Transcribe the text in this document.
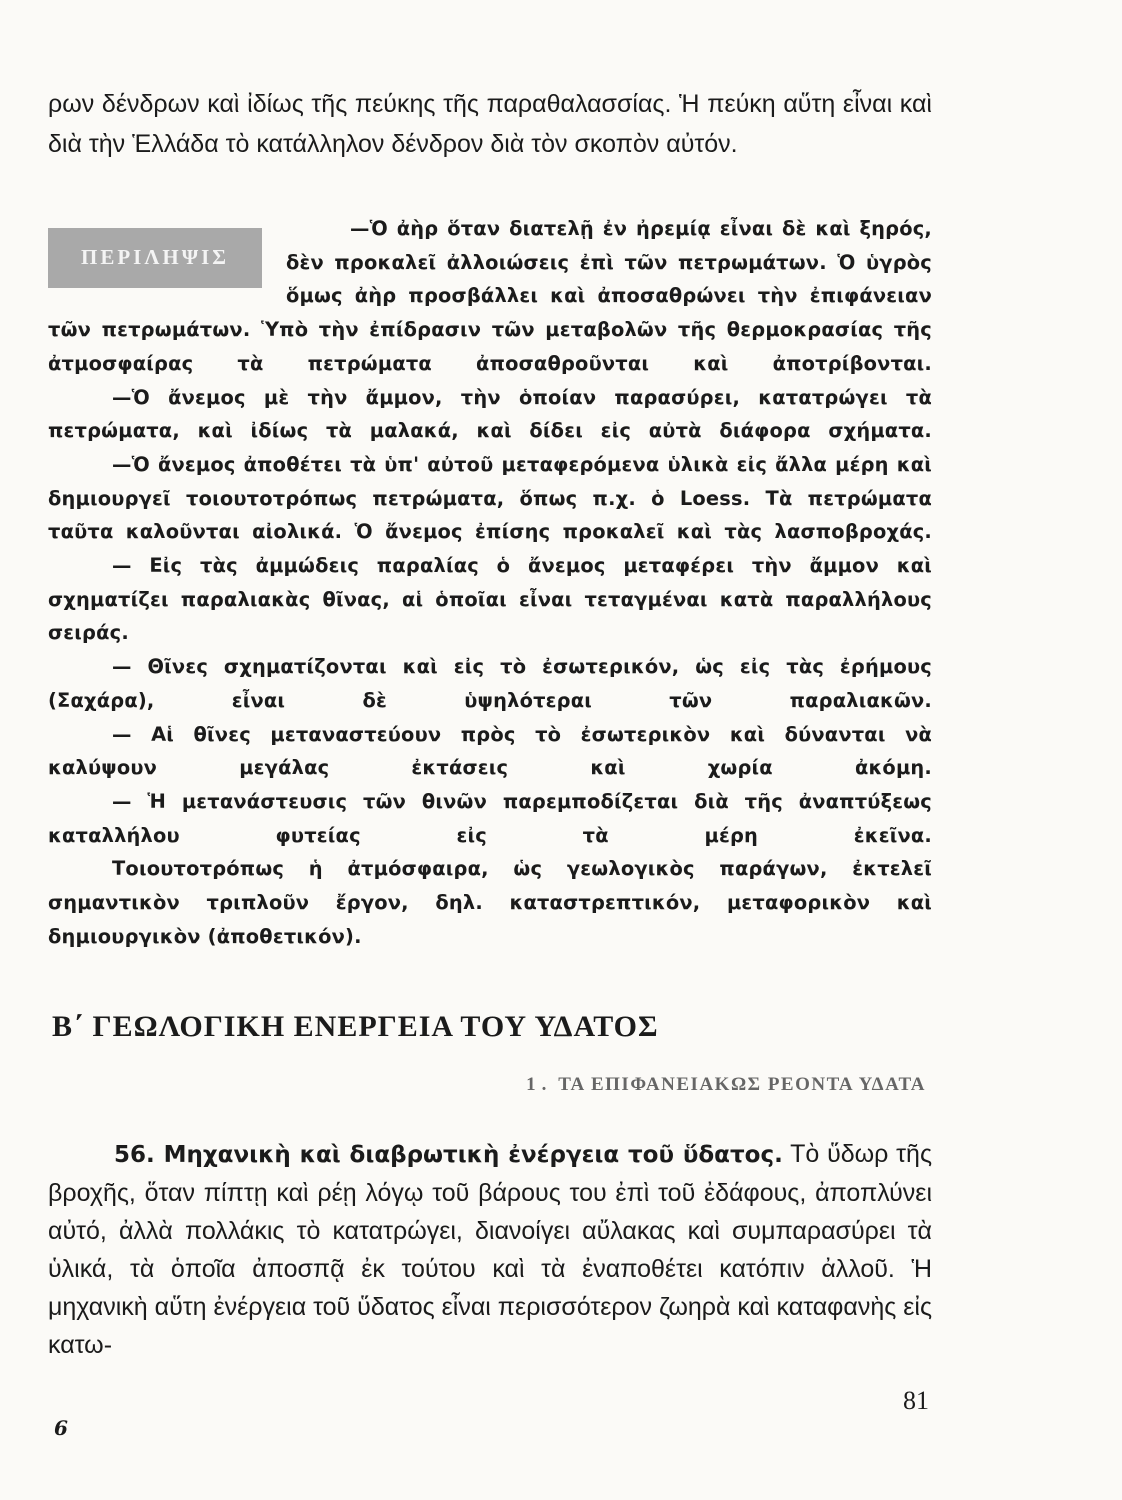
ρων δένδρων καὶ ἰδίως τῆς πεύκης τῆς παραθαλασσίας. Ἡ πεύκη αὕτη εἶναι καὶ διὰ τὴν Ἑλλάδα τὸ κατάλληλον δένδρον διὰ τὸν σκοπὸν αὐτόν.

ΠΕΡΙΛΗΨΙΣ

—Ὁ ἀὴρ ὅταν διατελῇ ἐν ἠρεμίᾳ εἶναι δὲ καὶ ξηρός, δὲν προκαλεῖ ἀλλοιώσεις ἐπὶ τῶν πετρωμάτων. Ὁ ὑγρὸς ὅμως ἀὴρ προσβάλλει καὶ ἀποσαθρώνει τὴν ἐπιφάνειαν τῶν πετρωμάτων. Ὑπὸ τὴν ἐπίδρασιν τῶν μεταβολῶν τῆς θερμοκρασίας τῆς ἀτμοσφαίρας τὰ πετρώματα ἀποσαθροῦνται καὶ ἀποτρίβονται.

—Ὁ ἄνεμος μὲ τὴν ἄμμον, τὴν ὁποίαν παρασύρει, κατατρώγει τὰ πετρώματα, καὶ ἰδίως τὰ μαλακά, καὶ δίδει εἰς αὐτὰ διάφορα σχήματα.

—Ὁ ἄνεμος ἀποθέτει τὰ ὑπ' αὐτοῦ μεταφερόμενα ὑλικὰ εἰς ἄλλα μέρη καὶ δημιουργεῖ τοιουτοτρόπως πετρώματα, ὅπως π.χ. ὁ Loess. Τὰ πετρώματα ταῦτα καλοῦνται αἰολικά. Ὁ ἄνεμος ἐπίσης προκαλεῖ καὶ τὰς λασποβροχάς.

— Εἰς τὰς ἀμμώδεις παραλίας ὁ ἄνεμος μεταφέρει τὴν ἄμμον καὶ σχηματίζει παραλιακὰς θῖνας, αἱ ὁποῖαι εἶναι τεταγμέναι κατὰ παραλλήλους σειράς.

— Θῖνες σχηματίζονται καὶ εἰς τὸ ἐσωτερικόν, ὡς εἰς τὰς ἐρήμους (Σαχάρα), εἶναι δὲ ὑψηλότεραι τῶν παραλιακῶν.

— Αἱ θῖνες μεταναστεύουν πρὸς τὸ ἐσωτερικὸν καὶ δύνανται νὰ καλύψουν μεγάλας ἐκτάσεις καὶ χωρία ἀκόμη.

— Ἡ μετανάστευσις τῶν θινῶν παρεμποδίζεται διὰ τῆς ἀναπτύξεως καταλλήλου φυτείας εἰς τὰ μέρη ἐκεῖνα.

Τοιουτοτρόπως ἡ ἀτμόσφαιρα, ὡς γεωλογικὸς παράγων, ἐκτελεῖ σημαντικὸν τριπλοῦν ἔργον, δηλ. καταστρεπτικόν, μεταφορικὸν καὶ δημιουργικὸν (ἀποθετικόν).

Β΄ ΓΕΩΛΟΓΙΚΗ ΕΝΕΡΓΕΙΑ ΤΟΥ ΥΔΑΤΟΣ
1. ΤΑ ΕΠΙΦΑΝΕΙΑΚΩΣ ΡΕΟΝΤΑ ΥΔΑΤΑ

56. Μηχανικὴ καὶ διαβρωτικὴ ἐνέργεια τοῦ ὕδατος. Τὸ ὕδωρ τῆς βροχῆς, ὅταν πίπτῃ καὶ ρέῃ λόγῳ τοῦ βάρους του ἐπὶ τοῦ ἐδάφους, ἀποπλύνει αὐτό, ἀλλὰ πολλάκις τὸ κατατρώγει, διανοίγει αὔλακας καὶ συμπαρασύρει τὰ ὑλικά, τὰ ὁποῖα ἀποσπᾷ ἐκ τούτου καὶ τὰ ἐναποθέτει κατόπιν ἀλλοῦ. Ἡ μηχανικὴ αὕτη ἐνέργεια τοῦ ὕδατος εἶναι περισσότερον ζωηρὰ καὶ καταφανὴς εἰς κατω-

6
81
